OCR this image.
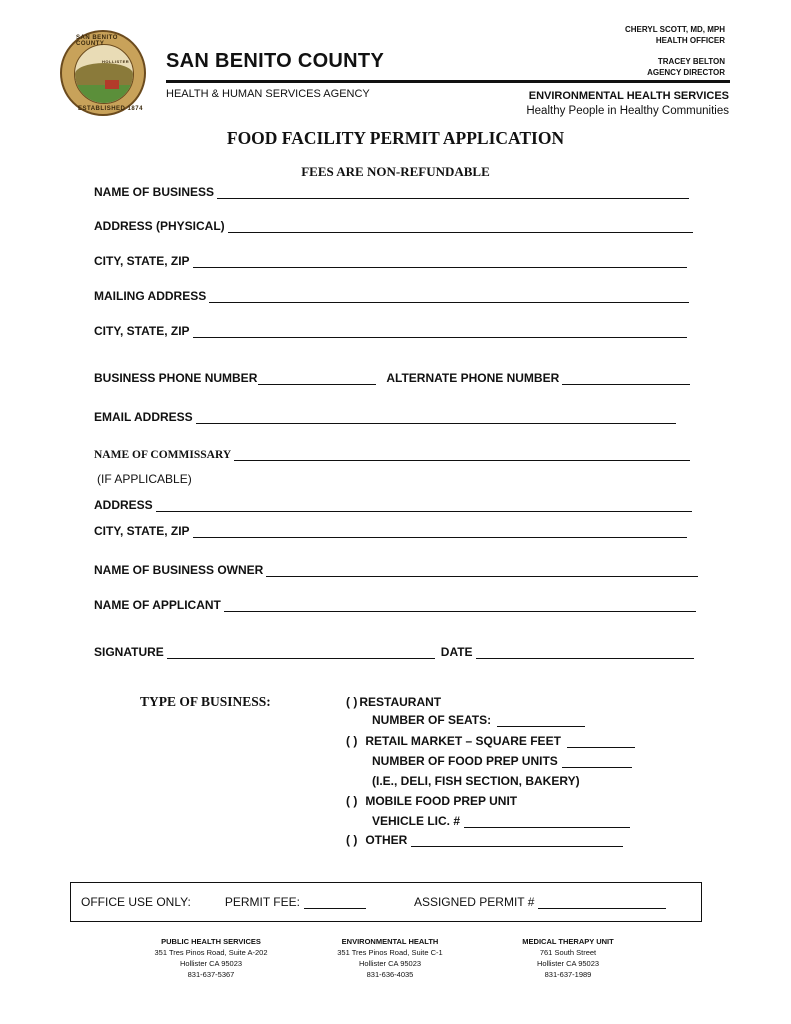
SAN BENITO COUNTY
ESTABLISHED 1874
HOLLISTER SAN BENITO COUNTY
HEALTH & HUMAN SERVICES AGENCY
CHERYL SCOTT, MD, MPH
HEALTH OFFICER
TRACEY BELTON
AGENCY DIRECTOR
ENVIRONMENTAL HEALTH SERVICES
Healthy People in Healthy Communities
FOOD FACILITY PERMIT APPLICATION
FEES ARE NON-REFUNDABLE
NAME OF BUSINESS
ADDRESS (PHYSICAL)
CITY, STATE, ZIP
MAILING ADDRESS
CITY, STATE, ZIP
BUSINESS PHONE NUMBER	ALTERNATE PHONE NUMBER
EMAIL ADDRESS
NAME OF COMMISSARY
(IF APPLICABLE)
ADDRESS
CITY, STATE, ZIP
NAME OF BUSINESS OWNER
NAME OF APPLICANT
SIGNATURE	DATE
TYPE OF BUSINESS:	( ) RESTAURANT
NUMBER OF SEATS:
( ) RETAIL MARKET – SQUARE FEET
NUMBER OF FOOD PREP UNITS
(I.E., DELI, FISH SECTION, BAKERY)
( ) MOBILE FOOD PREP UNIT
VEHICLE LIC. #
( ) OTHER
OFFICE USE ONLY:	PERMIT FEE:	ASSIGNED PERMIT #
PUBLIC HEALTH SERVICES
351 Tres Pinos Road, Suite A-202
Hollister CA 95023
831-637-5367
ENVIRONMENTAL HEALTH
351 Tres Pinos Road, Suite C-1
Hollister CA 95023
831-636-4035
MEDICAL THERAPY UNIT
761 South Street
Hollister CA 95023
831-637-1989
